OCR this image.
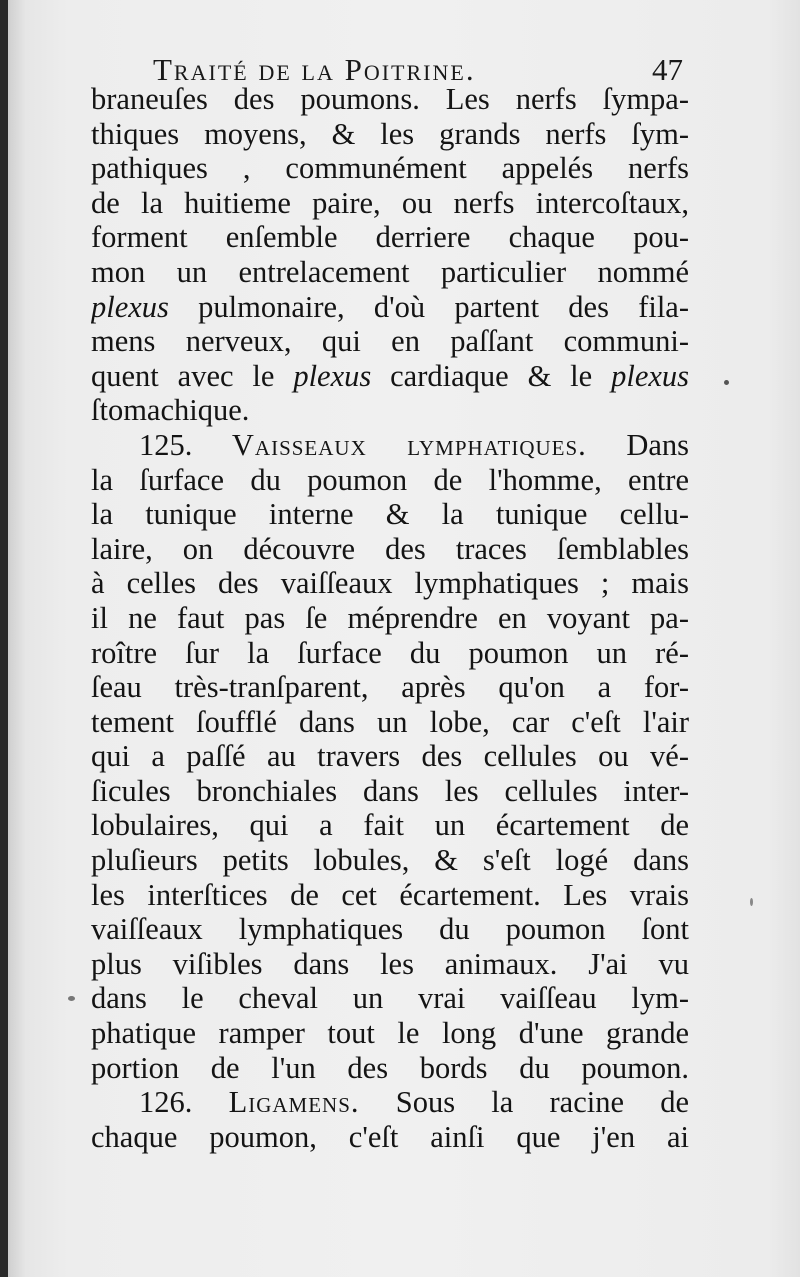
Traité de la Poitrine.	47
braneuſes des poumons. Les nerfs ſympa-
thiques moyens, & les grands nerfs ſym-
pathiques , communément appelés nerfs
de la huitieme paire, ou nerfs intercoſtaux,
forment enſemble derriere chaque pou-
mon un entrelacement particulier nommé
plexus pulmonaire, d'où partent des fila-
mens nerveux, qui en paſſant communi-
quent avec le plexus cardiaque & le plexus
ſtomachique.
125. Vaisseaux lymphatiques. Dans
la ſurface du poumon de l'homme, entre
la tunique interne & la tunique cellu-
laire, on découvre des traces ſemblables
à celles des vaiſſeaux lymphatiques ; mais
il ne faut pas ſe méprendre en voyant pa-
roître ſur la ſurface du poumon un ré-
ſeau très-tranſparent, après qu'on a for-
tement ſoufflé dans un lobe, car c'eſt l'air
qui a paſſé au travers des cellules ou vé-
ſicules bronchiales dans les cellules inter-
lobulaires, qui a fait un écartement de
pluſieurs petits lobules, & s'eſt logé dans
les interſtices de cet écartement. Les vrais
vaiſſeaux lymphatiques du poumon ſont
plus viſibles dans les animaux. J'ai vu
dans le cheval un vrai vaiſſeau lym-
phatique ramper tout le long d'une grande
portion de l'un des bords du poumon.
126. Ligamens. Sous la racine de
chaque poumon, c'eſt ainſi que j'en ai
